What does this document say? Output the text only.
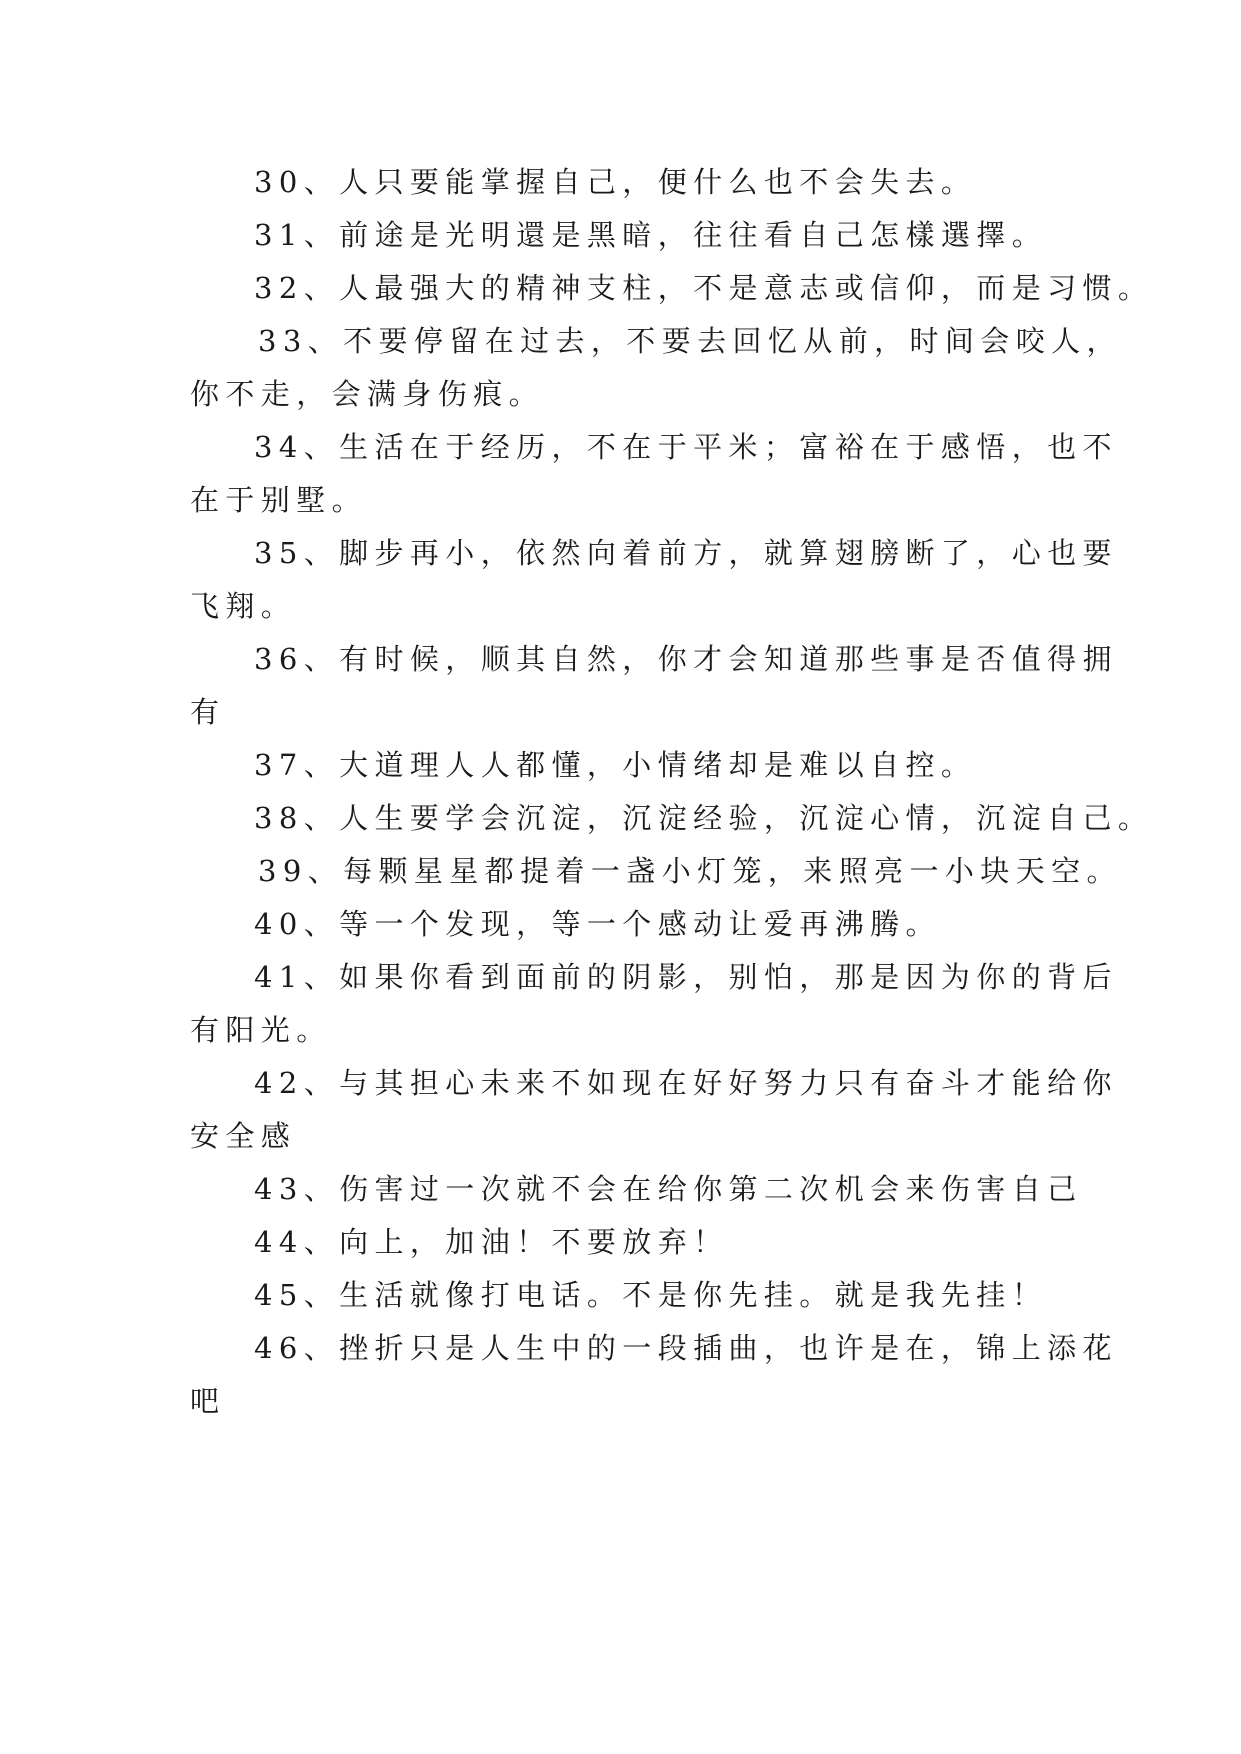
30、人只要能掌握自己，便什么也不会失去。
31、前途是光明還是黑暗，往往看自己怎樣選擇。
32、人最强大的精神支柱，不是意志或信仰，而是习惯。
33、不要停留在过去，不要去回忆从前，时间会咬人，
你不走，会满身伤痕。
34、生活在于经历，不在于平米；富裕在于感悟，也不
在于别墅。
35、脚步再小，依然向着前方，就算翅膀断了，心也要
飞翔。
36、有时候，顺其自然，你才会知道那些事是否值得拥
有
37、大道理人人都懂，小情绪却是难以自控。
38、人生要学会沉淀，沉淀经验，沉淀心情，沉淀自己。
39、每颗星星都提着一盏小灯笼，来照亮一小块天空。
40、等一个发现，等一个感动让爱再沸腾。
41、如果你看到面前的阴影，别怕，那是因为你的背后
有阳光。
42、与其担心未来不如现在好好努力只有奋斗才能给你
安全感
43、伤害过一次就不会在给你第二次机会来伤害自己
44、向上，加油！不要放弃！
45、生活就像打电话。不是你先挂。就是我先挂！
46、挫折只是人生中的一段插曲，也许是在，锦上添花
吧
